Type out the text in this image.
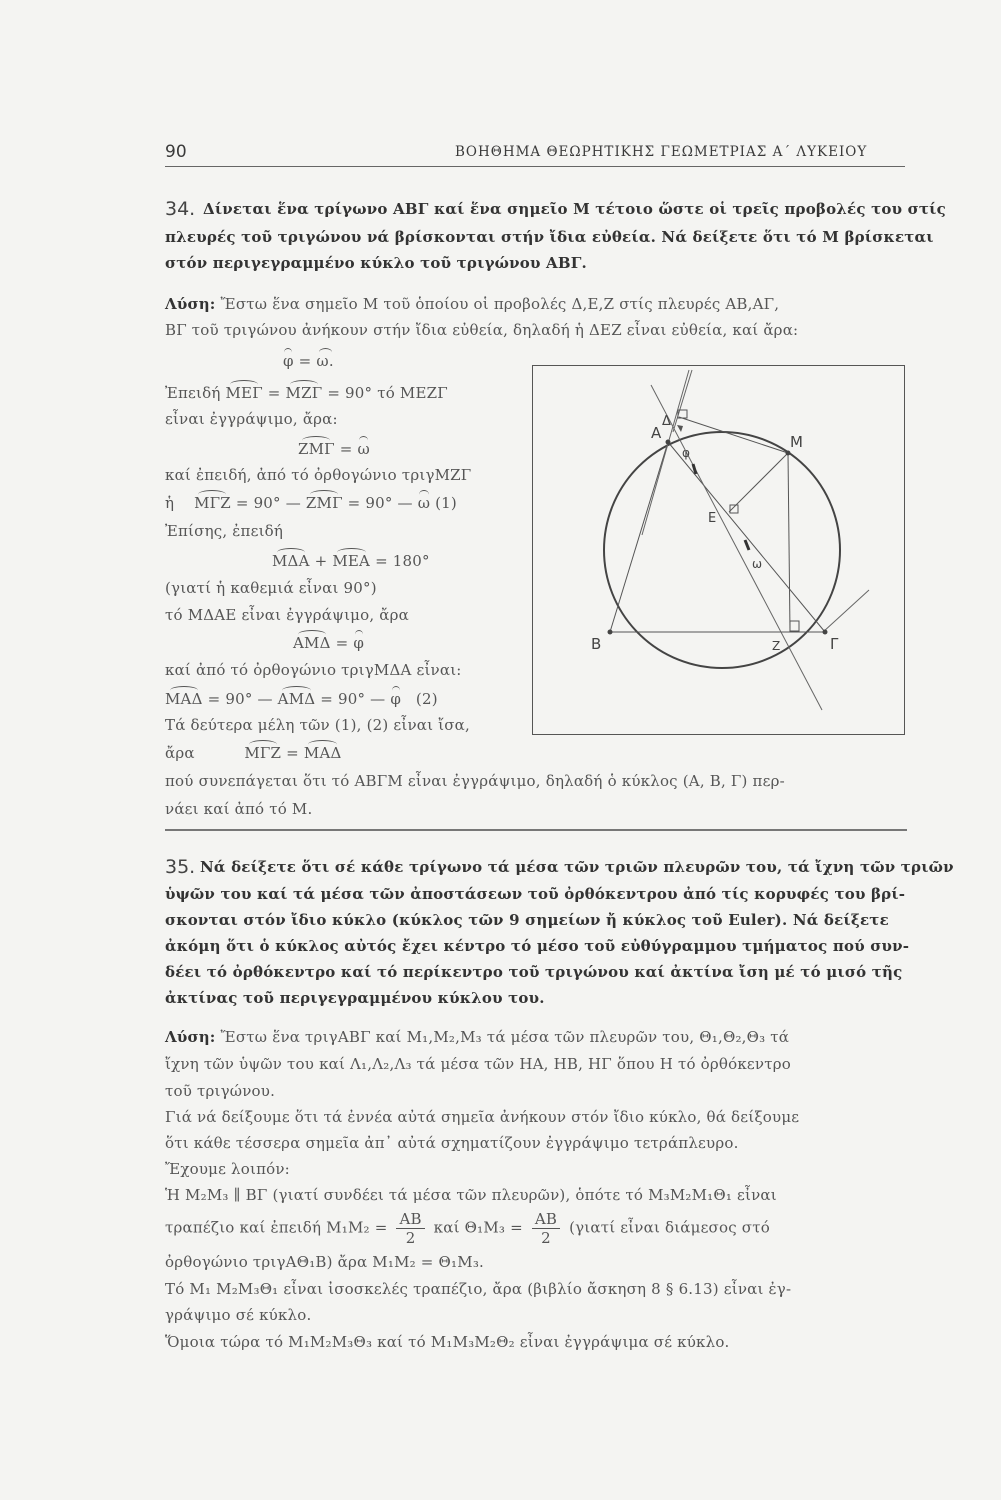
90	ΒΟΗΘΗΜΑ ΘΕΩΡΗΤΙΚΗΣ ΓΕΩΜΕΤΡΙΑΣ Α΄ ΛΥΚΕΙΟΥ
34. Δίνεται ἕνα τρίγωνο ΑΒΓ καί ἕνα σημεῖο Μ τέτοιο ὥστε οἱ τρεῖς προβολές του στίς
πλευρές τοῦ τριγώνου νά βρίσκονται στήν ἴδια εὐθεία. Νά δείξετε ὅτι τό Μ βρίσκεται
στόν περιγεγραμμένο κύκλο τοῦ τριγώνου ΑΒΓ.
Λύση: Ἔστω ἕνα σημεῖο Μ τοῦ ὁποίου οἱ προβολές Δ,Ε,Ζ στίς πλευρές ΑΒ,ΑΓ,
ΒΓ τοῦ τριγώνου ἀνήκουν στήν ἴδια εὐθεία, δηλαδή ἡ ΔΕΖ εἶναι εὐθεία, καί ἄρα:
φ = ω.
Ἐπειδή ΜΕΓ = ΜΖΓ = 90° τό ΜΕΖΓ
εἶναι ἐγγράψιμο, ἄρα:
ΖΜΓ = ω
καί ἐπειδή, ἀπό τό ὀρθογώνιο τριγΜΖΓ
ἡ ΜΓΖ = 90° — ΖΜΓ = 90° — ω (1)
Ἐπίσης, ἐπειδή
ΜΔΑ + ΜΕΑ = 180°
(γιατί ἡ καθεμιά εἶναι 90°)
τό ΜΔΑΕ εἶναι ἐγγράψιμο, ἄρα
ΑΜΔ = φ
καί ἀπό τό ὀρθογώνιο τριγΜΔΑ εἶναι:
ΜΑΔ = 90° — ΑΜΔ = 90° — φ (2)
Τά δεύτερα μέλη τῶν (1), (2) εἶναι ἴσα,
ἄρα	ΜΓΖ = ΜΑΔ
πού συνεπάγεται ὅτι τό ΑΒΓΜ εἶναι ἐγγράψιμο, δηλαδή ὁ κύκλος (Α, Β, Γ) περ-
νάει καί ἀπό τό Μ.
Α
Β	Γ
Μ
Δ
Ε
Ζ
φ
ω
35. Νά δείξετε ὅτι σέ κάθε τρίγωνο τά μέσα τῶν τριῶν πλευρῶν του, τά ἴχνη τῶν τριῶν
ὑψῶν του καί τά μέσα τῶν ἀποστάσεων τοῦ ὀρθόκεντρου ἀπό τίς κορυφές του βρί-
σκονται στόν ἴδιο κύκλο (κύκλος τῶν 9 σημείων ἤ κύκλος τοῦ Euler). Νά δείξετε
ἀκόμη ὅτι ὁ κύκλος αὐτός ἔχει κέντρο τό μέσο τοῦ εὐθύγραμμου τμήματος πού συν-
δέει τό ὀρθόκεντρο καί τό περίκεντρο τοῦ τριγώνου καί ἀκτίνα ἴση μέ τό μισό τῆς
ἀκτίνας τοῦ περιγεγραμμένου κύκλου του.
Λύση: Ἔστω ἕνα τριγΑΒΓ καί Μ₁,Μ₂,Μ₃ τά μέσα τῶν πλευρῶν του, Θ₁,Θ₂,Θ₃ τά
ἴχνη τῶν ὑψῶν του καί Λ₁,Λ₂,Λ₃ τά μέσα τῶν ΗΑ, ΗΒ, ΗΓ ὅπου Η τό ὀρθόκεντρο
τοῦ τριγώνου.
Γιά νά δείξουμε ὅτι τά ἐννέα αὐτά σημεῖα ἀνήκουν στόν ἴδιο κύκλο, θά δείξουμε
ὅτι κάθε τέσσερα σημεῖα ἀπ᾿ αὐτά σχηματίζουν ἐγγράψιμο τετράπλευρο.
Ἔχουμε λοιπόν:
Ἡ Μ₂Μ₃ ∥ ΒΓ (γιατί συνδέει τά μέσα τῶν πλευρῶν), ὁπότε τό Μ₃Μ₂Μ₁Θ₁ εἶναι
τραπέζιο καί ἐπειδή $M_1M_2 = \frac{AB}{2}$ καί $\Theta_1M_3 = \frac{AB}{2} (\gamma\iota\alpha\tau ί$ εἶναι διάμεσος στό
ὀρθογώνιο τριγΑΘ₁Β) ἄρα Μ₁Μ₂ = Θ₁Μ₃.
Τό Μ₁ Μ₂Μ₃Θ₁ εἶναι ἰσοσκελές τραπέζιο, ἄρα (βιβλίο ἄσκηση 8 § 6.13) εἶναι ἐγ-
γράψιμο σέ κύκλο.
Ὅμοια τώρα τό Μ₁Μ₂Μ₃Θ₃ καί τό Μ₁Μ₃Μ₂Θ₂ εἶναι ἐγγράψιμα σέ κύκλο.
